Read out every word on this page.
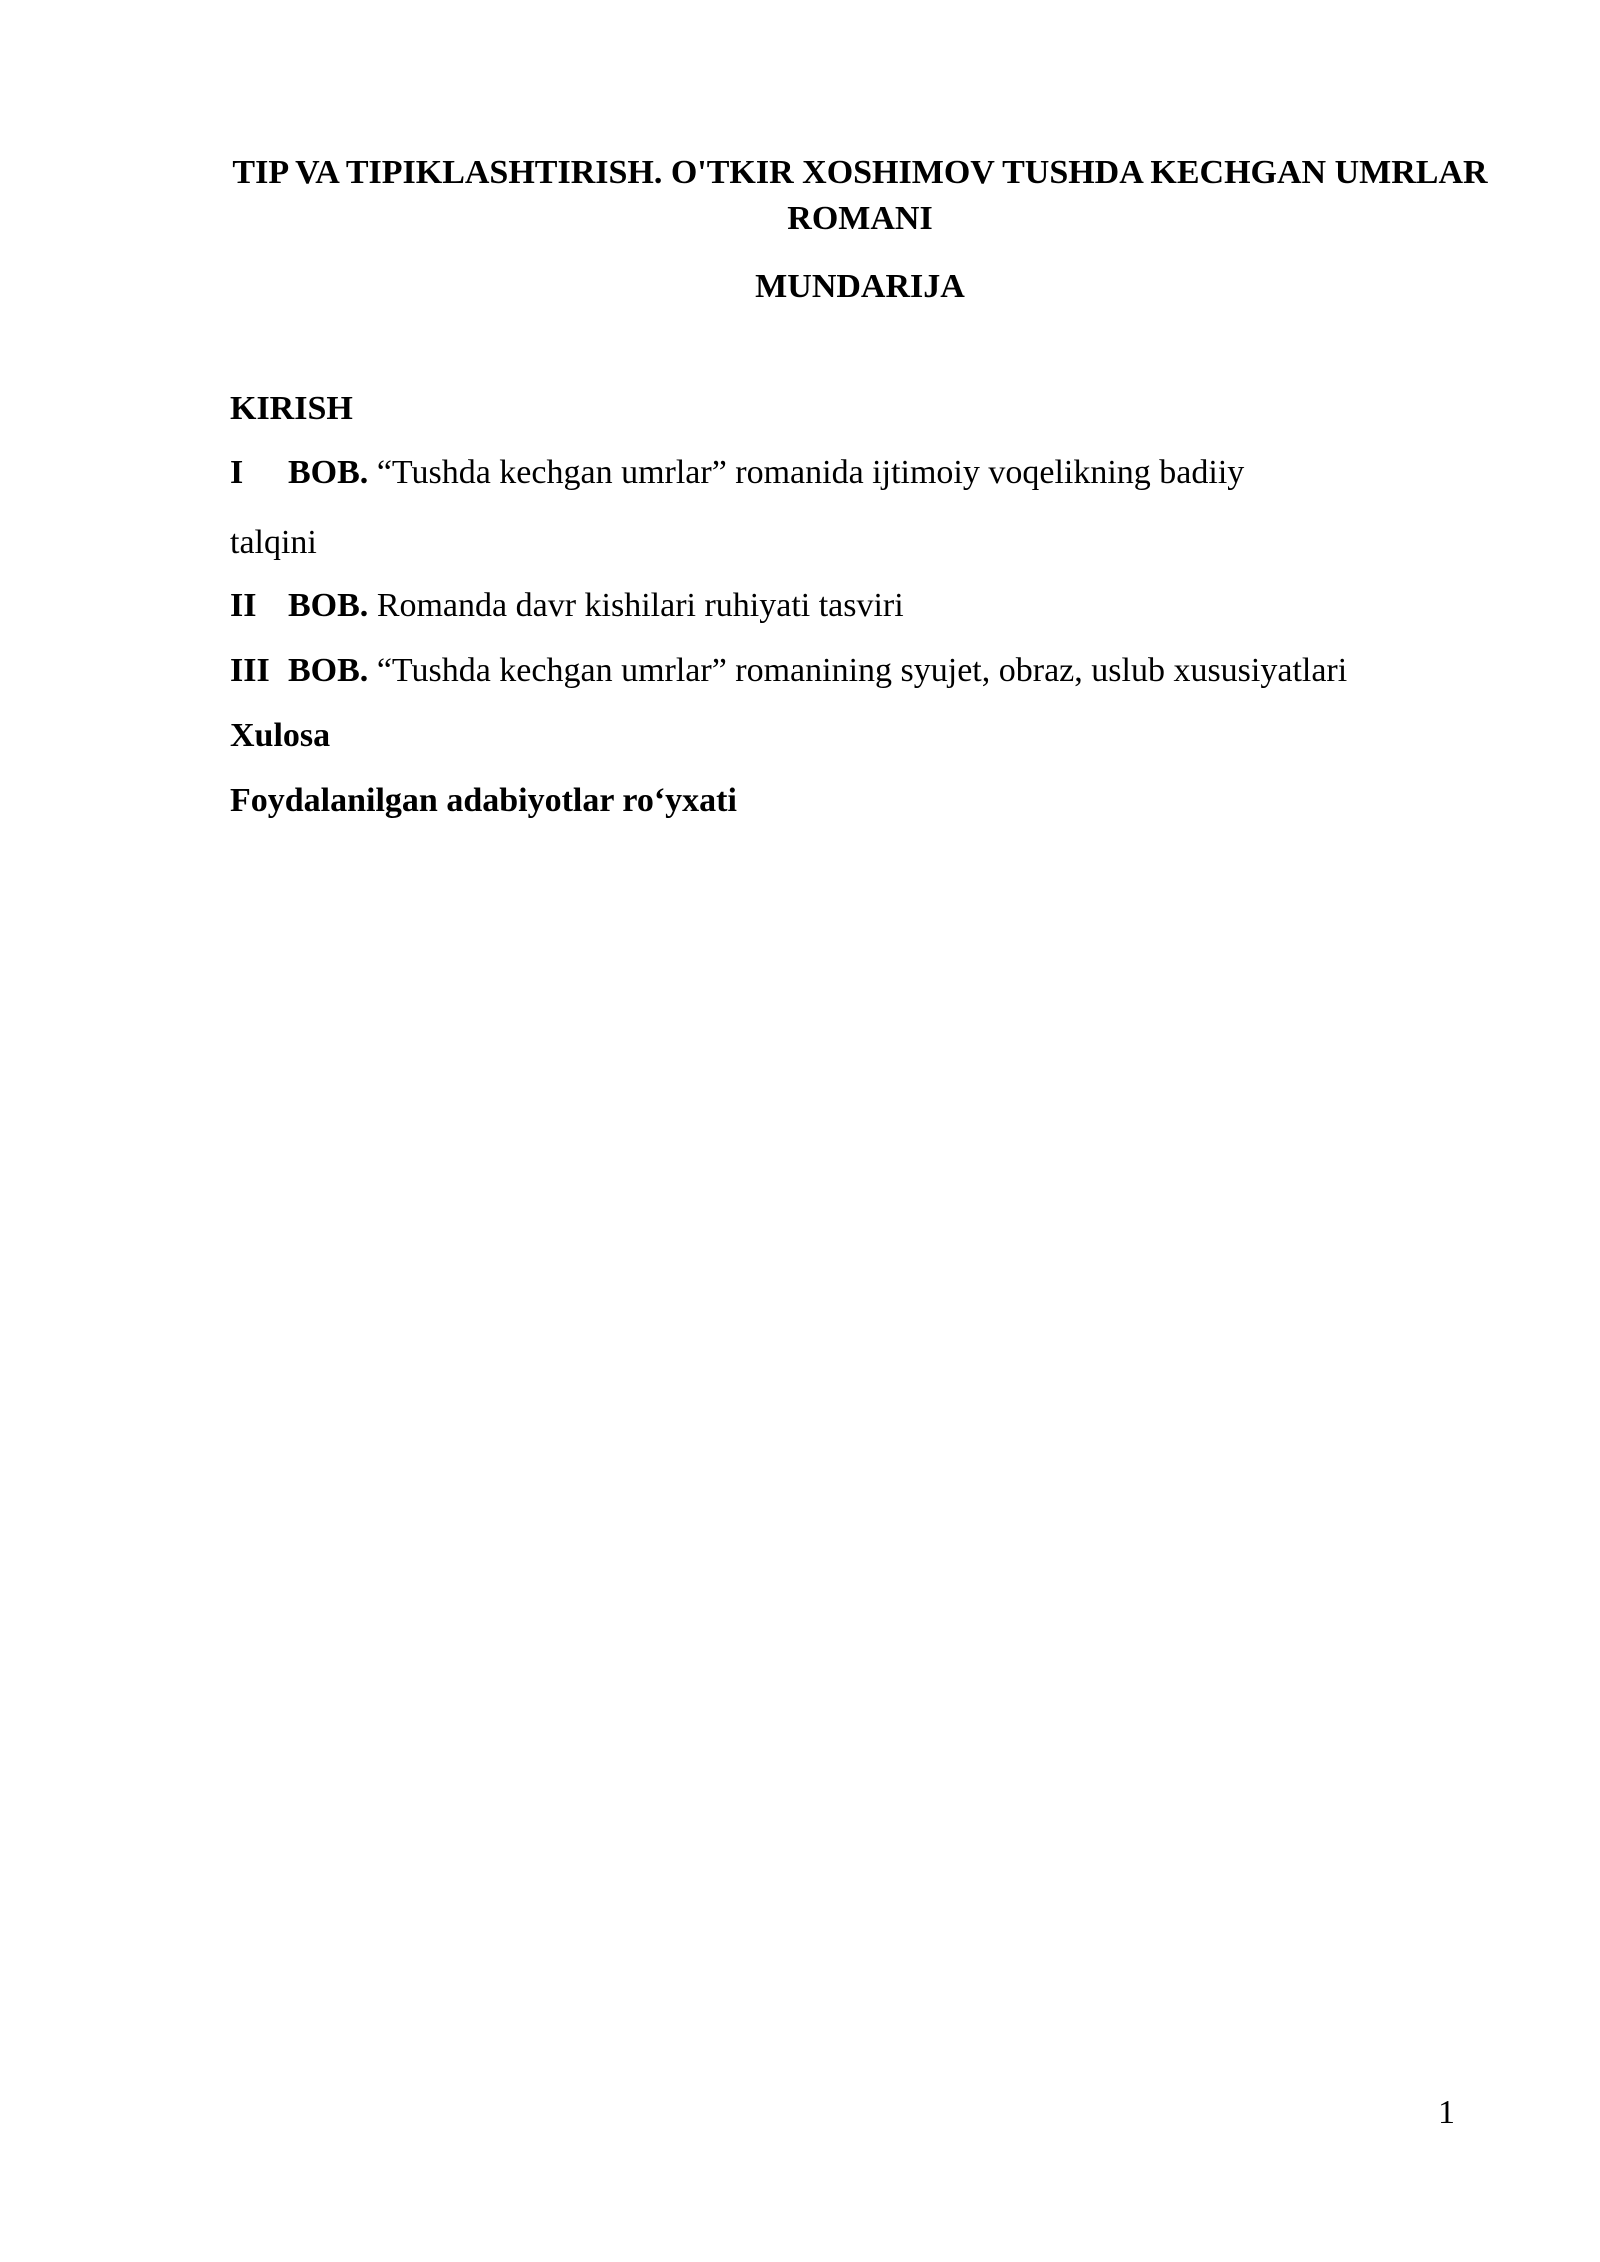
TIP VA TIPIKLASHTIRISH. O'TKIR XOSHIMOV TUSHDA KECHGAN UMRLAR ROMANI
MUNDARIJA
KIRISH
I BOB. “Tushda kechgan umrlar” romanida ijtimoiy voqelikning badiiy
talqini
II BOB. Romanda davr kishilari ruhiyati tasviri
III BOB. “Tushda kechgan umrlar” romanining syujet, obraz, uslub xususiyatlari
Xulosa
Foydalanilgan adabiyotlar ro‘yxati
1
